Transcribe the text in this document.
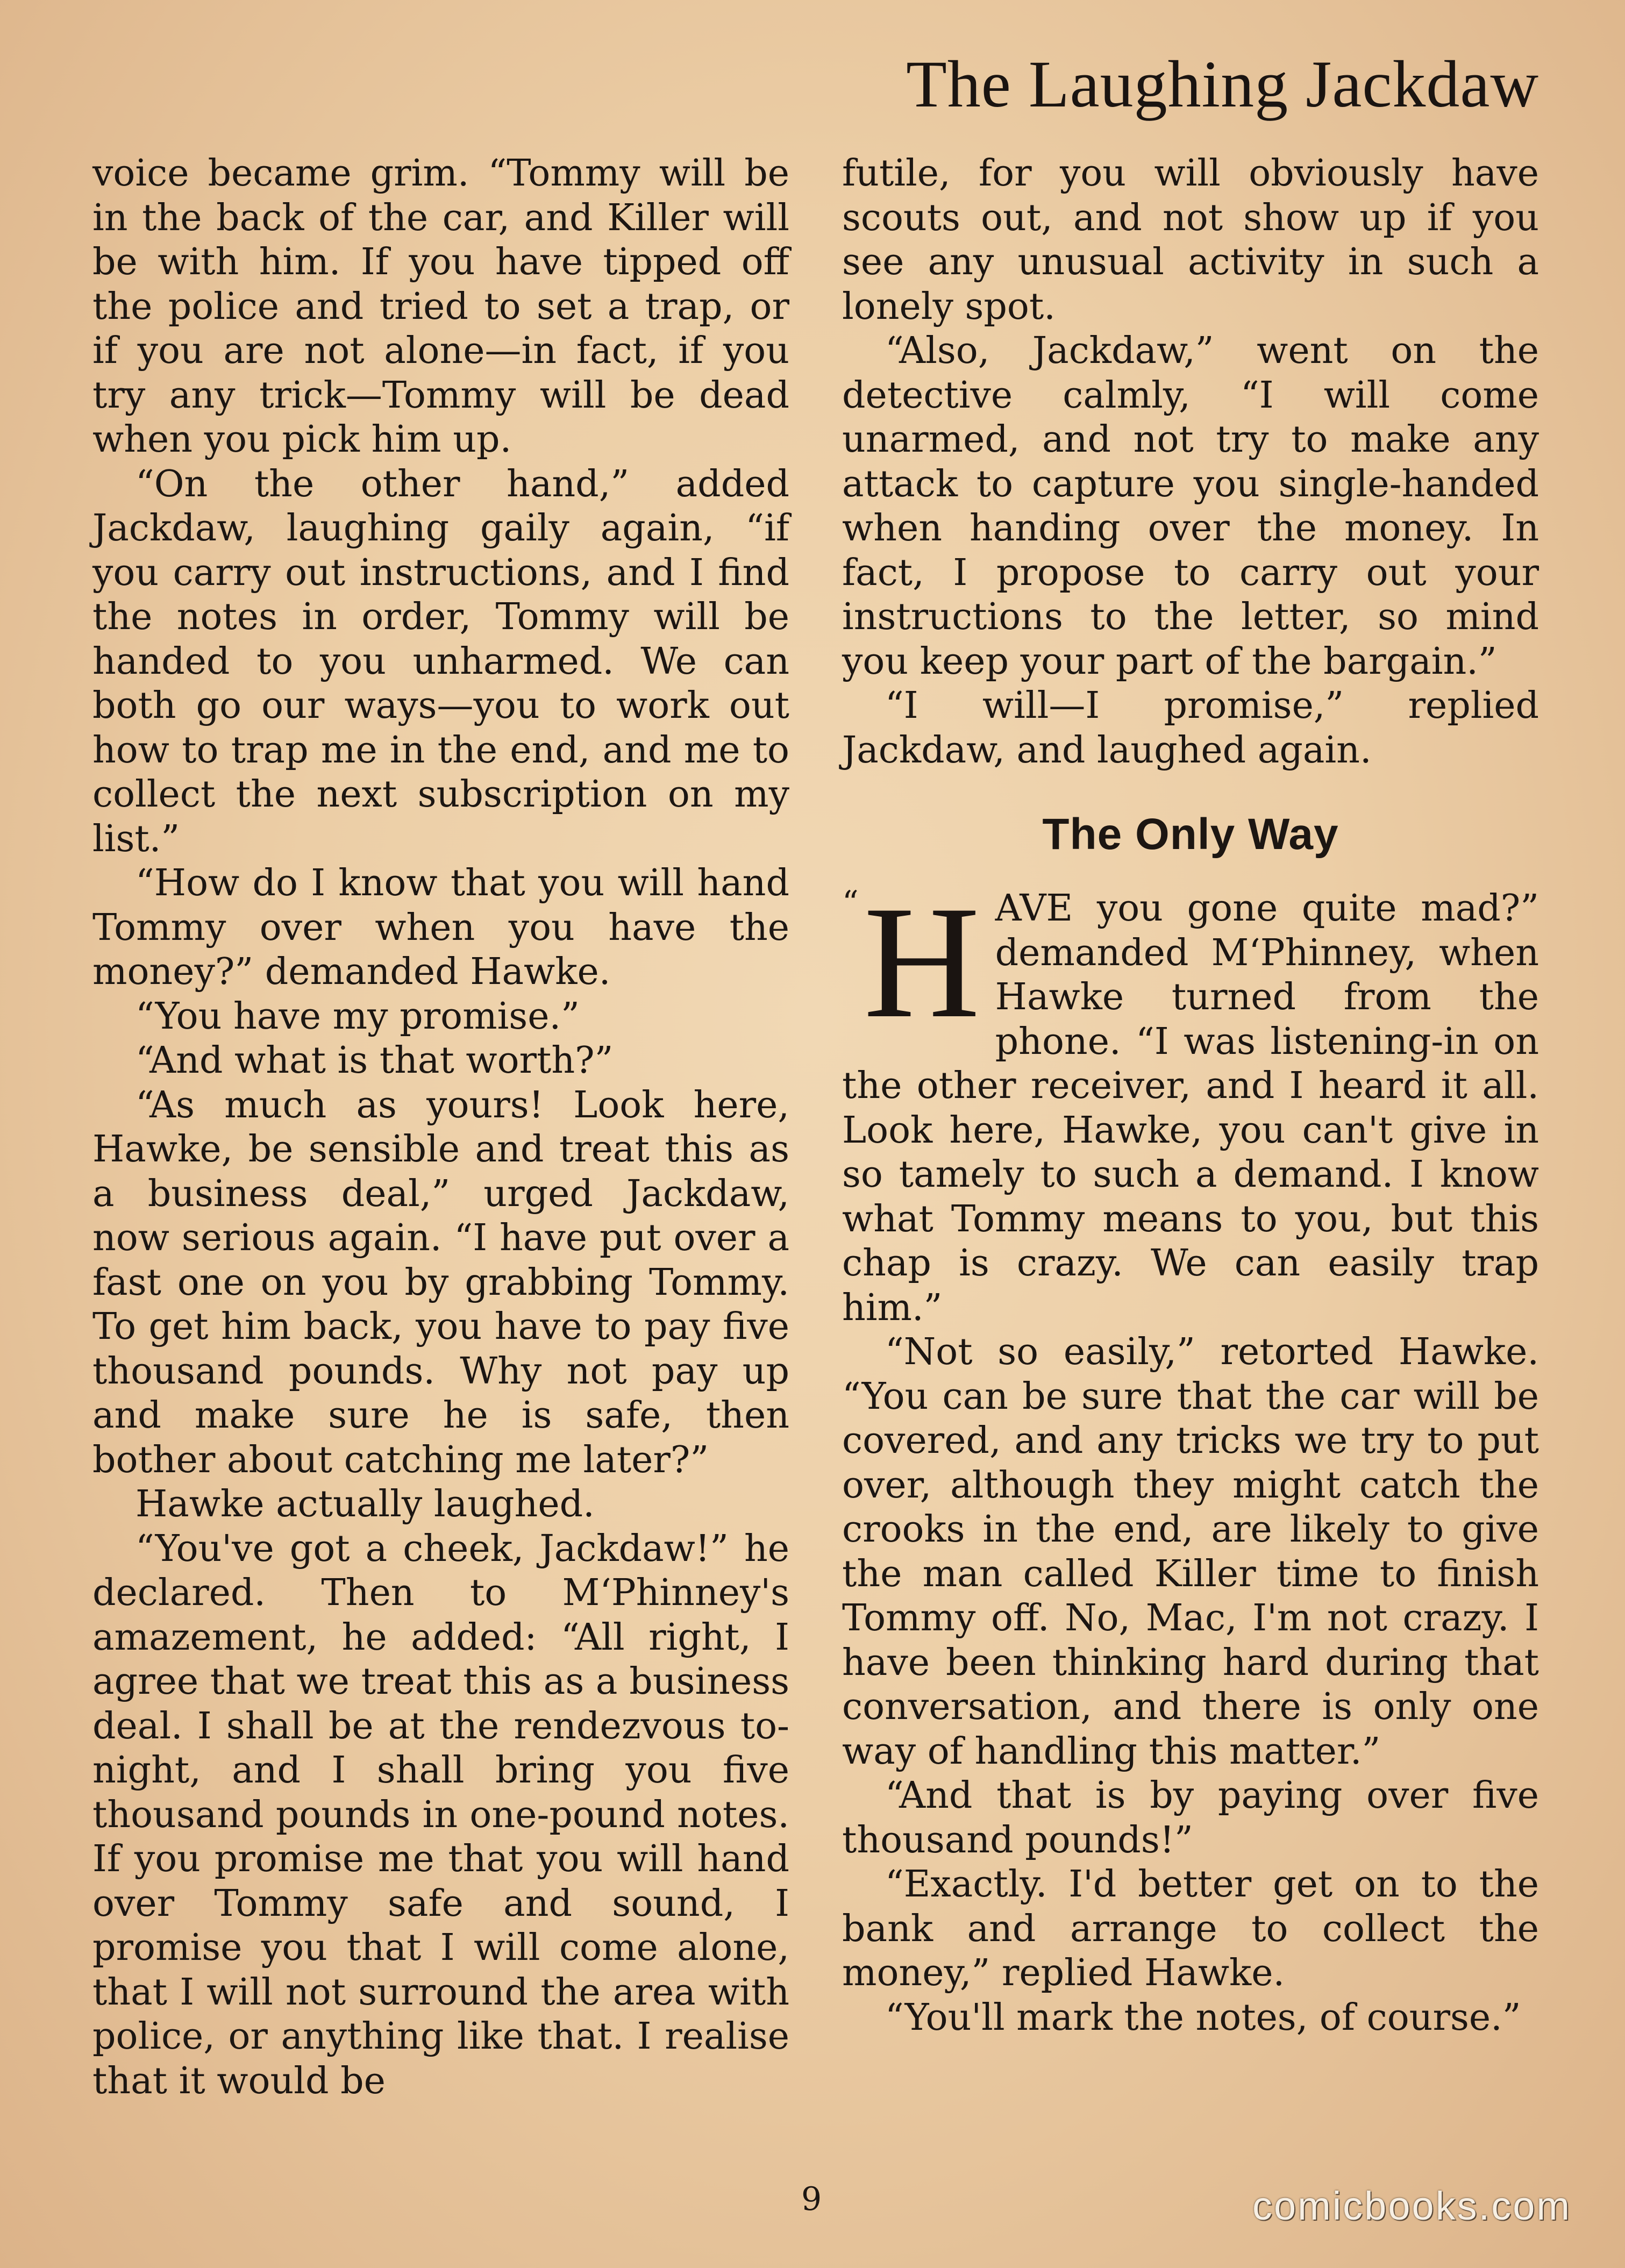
The Laughing Jackdaw

voice became grim. “Tommy will be in the back of the car, and Killer will be with him. If you have tipped off the police and tried to set a trap, or if you are not alone—in fact, if you try any trick—Tommy will be dead when you pick him up.

“On the other hand,” added Jackdaw, laughing gaily again, “if you carry out instructions, and I find the notes in order, Tommy will be handed to you unharmed. We can both go our ways—you to work out how to trap me in the end, and me to collect the next subscription on my list.”

“How do I know that you will hand Tommy over when you have the money?” demanded Hawke.

“You have my promise.”

“And what is that worth?”

“As much as yours! Look here, Hawke, be sensible and treat this as a business deal,” urged Jackdaw, now serious again. “I have put over a fast one on you by grabbing Tommy. To get him back, you have to pay five thousand pounds. Why not pay up and make sure he is safe, then bother about catching me later?”

Hawke actually laughed.

“You've got a cheek, Jackdaw!” he declared. Then to M‘Phinney's amazement, he added: “All right, I agree that we treat this as a business deal. I shall be at the rendezvous to-night, and I shall bring you five thousand pounds in one-pound notes. If you promise me that you will hand over Tommy safe and sound, I promise you that I will come alone, that I will not surround the area with police, or anything like that. I realise that it would be

futile, for you will obviously have scouts out, and not show up if you see any unusual activity in such a lonely spot.

“Also, Jackdaw,” went on the detective calmly, “I will come unarmed, and not try to make any attack to capture you single-handed when handing over the money. In fact, I propose to carry out your instructions to the letter, so mind you keep your part of the bargain.”

“I will—I promise,” replied Jackdaw, and laughed again.

The Only Way

“ H AVE you gone quite mad?” demanded M‘Phinney, when Hawke turned from the phone. “I was listening-in on the other receiver, and I heard it all. Look here, Hawke, you can't give in so tamely to such a demand. I know what Tommy means to you, but this chap is crazy. We can easily trap him.”

“Not so easily,” retorted Hawke. “You can be sure that the car will be covered, and any tricks we try to put over, although they might catch the crooks in the end, are likely to give the man called Killer time to finish Tommy off. No, Mac, I'm not crazy. I have been thinking hard during that conversation, and there is only one way of handling this matter.”

“And that is by paying over five thousand pounds!”

“Exactly. I'd better get on to the bank and arrange to collect the money,” replied Hawke.

“You'll mark the notes, of course.”

9	comicbooks.com
